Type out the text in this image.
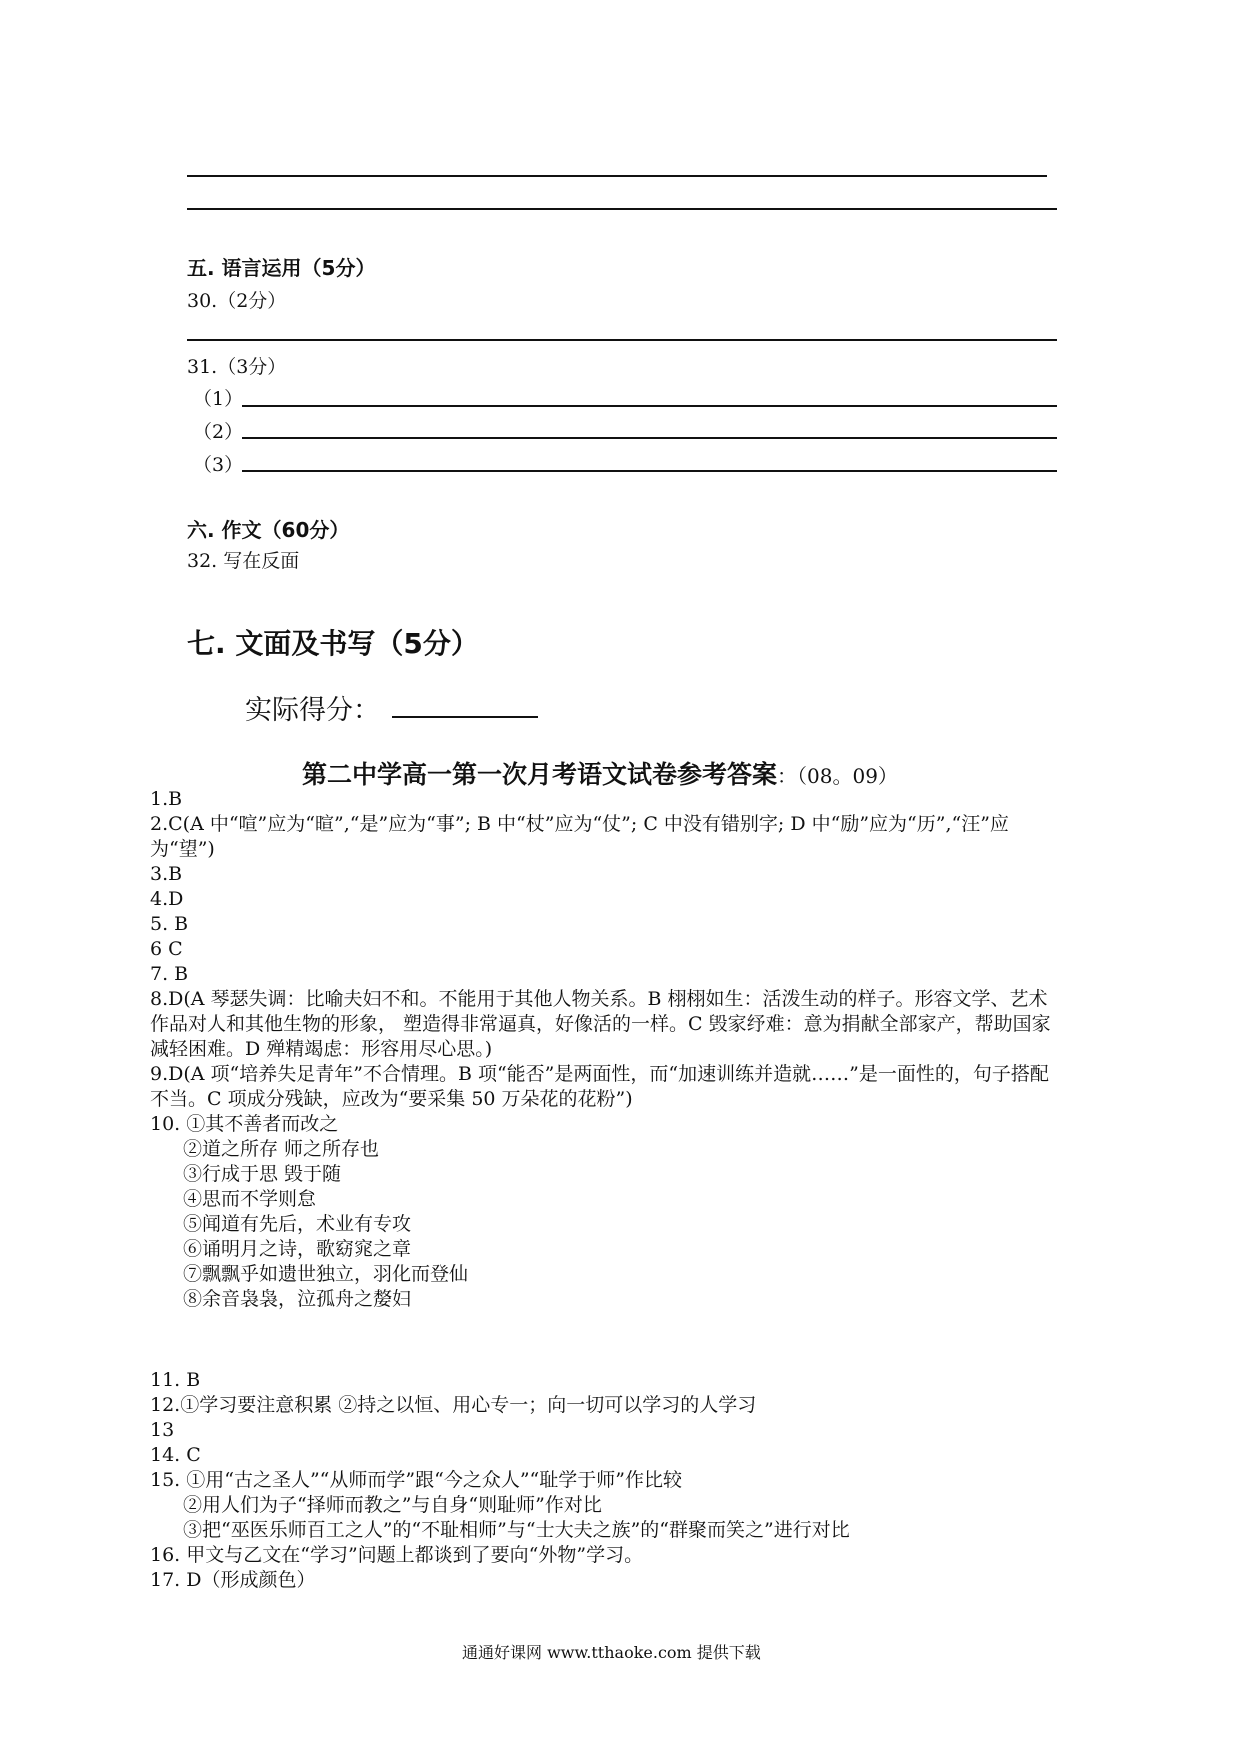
五. 语言运用（5分）
30.（2分）
31.（3分）
（1）
（2）
（3）
六. 作文（60分）
32. 写在反面
七. 文面及书写（5分）
实际得分：
第二中学高一第一次月考语文试卷参考答案：（08。09）
1.B
2.C(A 中“喧”应为“暄”,“是”应为“事”; B 中“杖”应为“仗”; C 中没有错别字; D 中“励”应为“历”,“汪”应为“望”)
3.B
4.D
5. B
6 C
7. B
8.D(A 琴瑟失调：比喻夫妇不和。不能用于其他人物关系。B 栩栩如生：活泼生动的样子。形容文学、艺术作品对人和其他生物的形象， 塑造得非常逼真，好像活的一样。C 毁家纾难：意为捐献全部家产，帮助国家减轻困难。D 殚精竭虑：形容用尽心思。)
9.D(A 项“培养失足青年”不合情理。B 项“能否”是两面性，而“加速训练并造就……”是一面性的，句子搭配不当。C 项成分残缺，应改为“要采集 50 万朵花的花粉”)
10. ①其不善者而改之
②道之所存 师之所存也
③行成于思 毁于随
④思而不学则怠
⑤闻道有先后，术业有专攻
⑥诵明月之诗，歌窈窕之章
⑦飘飘乎如遗世独立，羽化而登仙
⑧余音袅袅，泣孤舟之嫠妇
11. B
12.①学习要注意积累 ②持之以恒、用心专一；向一切可以学习的人学习
13
14. C
15. ①用“古之圣人”“从师而学”跟“今之众人”“耻学于师”作比较
②用人们为子“择师而教之”与自身“则耻师”作对比
③把“巫医乐师百工之人”的“不耻相师”与“士大夫之族”的“群聚而笑之”进行对比
16. 甲文与乙文在“学习”问题上都谈到了要向“外物”学习。
17. D（形成颜色）
通通好课网 www.tthaoke.com 提供下载
